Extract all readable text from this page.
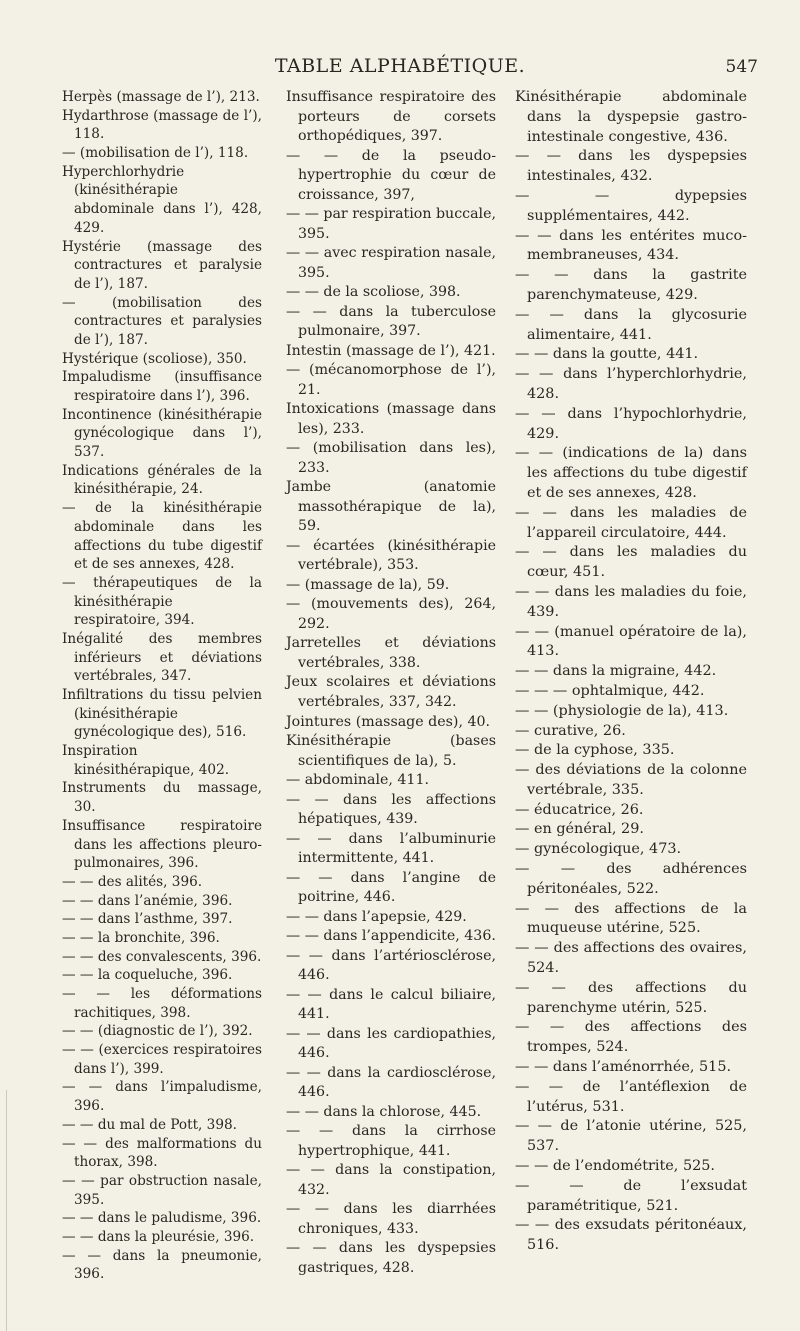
TABLE ALPHABÉTIQUE.	547

Herpès (massage de l’), 213.

Hydarthrose (massage de l’), 118.

— (mobilisation de l’), 118.

Hyperchlorhydrie (kinésithérapie abdominale dans l’), 428, 429.

Hystérie (massage des contractures et paralysie de l’), 187.

— (mobilisation des contractures et paralysies de l’), 187.

Hystérique (scoliose), 350.

Impaludisme (insuffisance respiratoire dans l’), 396.

Incontinence (kinésithérapie gynécologique dans l’), 537.

Indications générales de la kinésithérapie, 24.

— de la kinésithérapie abdominale dans les affections du tube digestif et de ses annexes, 428.

— thérapeutiques de la kinésithérapie respiratoire, 394.

Inégalité des membres inférieurs et déviations vertébrales, 347.

Infiltrations du tissu pelvien (kinésithérapie gynécologique des), 516.

Inspiration kinésithérapique, 402.

Instruments du massage, 30.

Insuffisance respiratoire dans les affections pleuro-pulmonaires, 396.

— — des alités, 396.

— — dans l’anémie, 396.

— — dans l’asthme, 397.

— — la bronchite, 396.

— — des convalescents, 396.

— — la coqueluche, 396.

— — les déformations rachitiques, 398.

— — (diagnostic de l’), 392.

— — (exercices respiratoires dans l’), 399.

— — dans l’impaludisme, 396.

— — du mal de Pott, 398.

— — des malformations du thorax, 398.

— — par obstruction nasale, 395.

— — dans le paludisme, 396.

— — dans la pleurésie, 396.

— — dans la pneumonie, 396.

Insuffisance respiratoire des porteurs de corsets orthopédiques, 397.

— — de la pseudo-hypertrophie du cœur de croissance, 397,

— — par respiration buccale, 395.

— — avec respiration nasale, 395.

— — de la scoliose, 398.

— — dans la tuberculose pulmonaire, 397.

Intestin (massage de l’), 421.

— (mécanomorphose de l’), 21.

Intoxications (massage dans les), 233.

— (mobilisation dans les), 233.

Jambe (anatomie massothérapique de la), 59.

— écartées (kinésithérapie vertébrale), 353.

— (massage de la), 59.

— (mouvements des), 264, 292.

Jarretelles et déviations vertébrales, 338.

Jeux scolaires et déviations vertébrales, 337, 342.

Jointures (massage des), 40.

Kinésithérapie (bases scientifiques de la), 5.

— abdominale, 411.

— — dans les affections hépatiques, 439.

— — dans l’albuminurie intermittente, 441.

— — dans l’angine de poitrine, 446.

— — dans l’apepsie, 429.

— — dans l’appendicite, 436.

— — dans l’artériosclérose, 446.

— — dans le calcul biliaire, 441.

— — dans les cardiopathies, 446.

— — dans la cardiosclérose, 446.

— — dans la chlorose, 445.

— — dans la cirrhose hypertrophique, 441.

— — dans la constipation, 432.

— — dans les diarrhées chroniques, 433.

— — dans les dyspepsies gastriques, 428.

Kinésithérapie abdominale dans la dyspepsie gastro-intestinale congestive, 436.

— — dans les dyspepsies intestinales, 432.

— — dypepsies supplémentaires, 442.

— — dans les entérites muco-membraneuses, 434.

— — dans la gastrite parenchymateuse, 429.

— — dans la glycosurie alimentaire, 441.

— — dans la goutte, 441.

— — dans l’hyperchlorhydrie, 428.

— — dans l’hypochlorhydrie, 429.

— — (indications de la) dans les affections du tube digestif et de ses annexes, 428.

— — dans les maladies de l’appareil circulatoire, 444.

— — dans les maladies du cœur, 451.

— — dans les maladies du foie, 439.

— — (manuel opératoire de la), 413.

— — dans la migraine, 442.

— — — ophtalmique, 442.

— — (physiologie de la), 413.

— curative, 26.

— de la cyphose, 335.

— des déviations de la colonne vertébrale, 335.

— éducatrice, 26.

— en général, 29.

— gynécologique, 473.

— — des adhérences péritonéales, 522.

— — des affections de la muqueuse utérine, 525.

— — des affections des ovaires, 524.

— — des affections du parenchyme utérin, 525.

— — des affections des trompes, 524.

— — dans l’aménorrhée, 515.

— — de l’antéflexion de l’utérus, 531.

— — de l’atonie utérine, 525, 537.

— — de l’endométrite, 525.

— — de l’exsudat paramétritique, 521.

— — des exsudats péritonéaux, 516.
